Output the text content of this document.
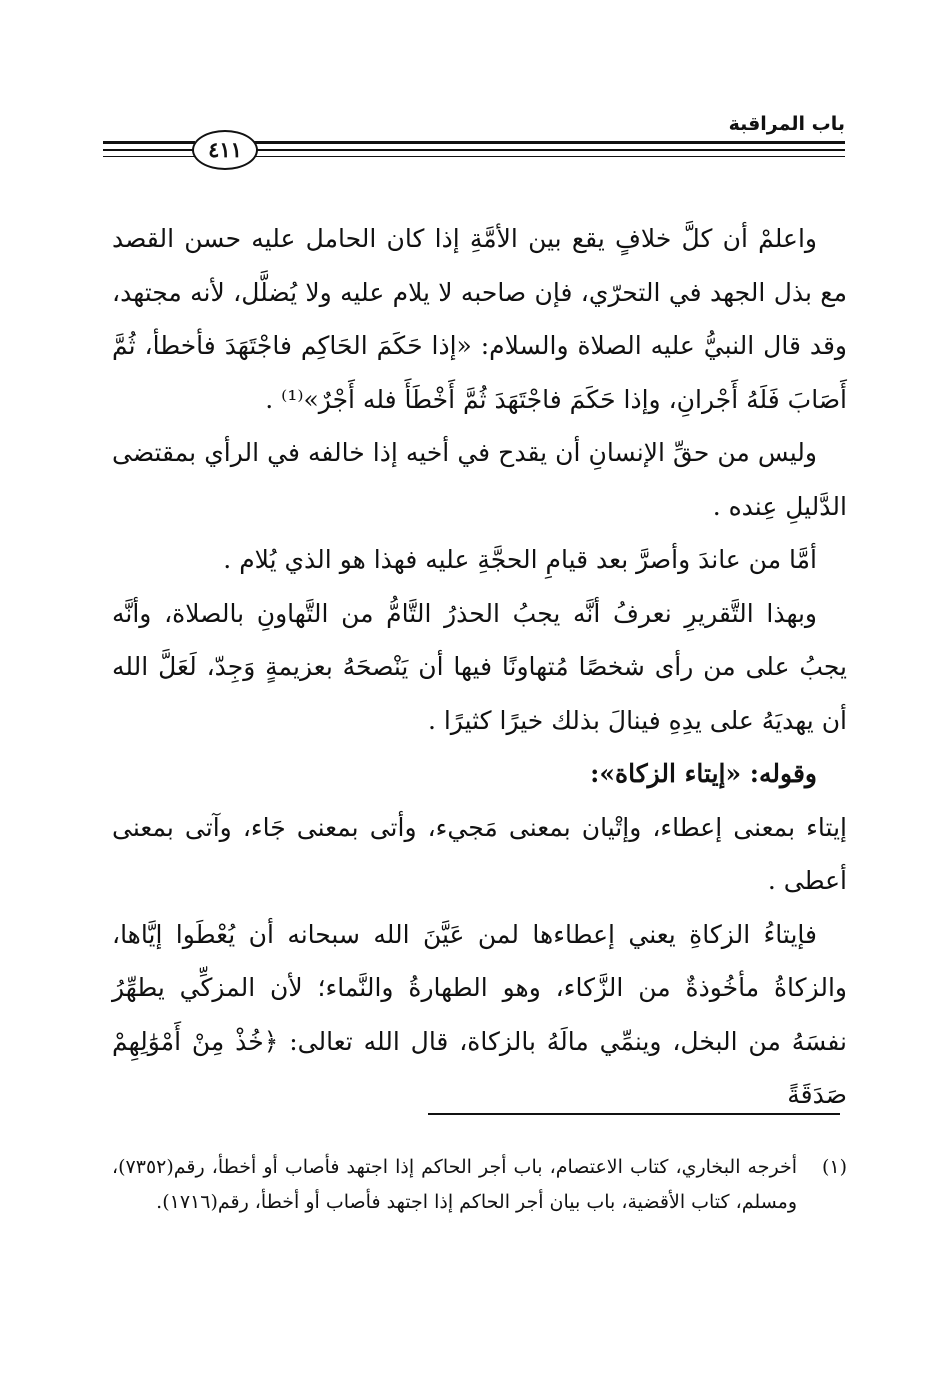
باب المراقبة
٤١١

واعلمْ أن كلَّ خلافٍ يقع بين الأمَّةِ إذا كان الحامل عليه حسن القصد مع بذل الجهد في التحرّي، فإن صاحبه لا يلام عليه ولا يُضلَّل، لأنه مجتهد، وقد قال النبيُّ عليه الصلاة والسلام: «إذا حَكَمَ الحَاكِم فاجْتَهَدَ فأخطأ، ثُمَّ أَصَابَ فَلَهُ أَجْرانِ، وإذا حَكَمَ فاجْتَهَدَ ثُمَّ أَخْطَأَ فله أَجْرٌ»⁽¹⁾ .

وليس من حقِّ الإنسانِ أن يقدح في أخيه إذا خالفه في الرأي بمقتضى الدَّليلِ عِنده .

أمَّا من عاندَ وأصرَّ بعد قيامِ الحجَّةِ عليه فهذا هو الذي يُلام .

وبهذا التَّقريرِ نعرفُ أنَّه يجبُ الحذرُ التَّامُّ من التَّهاونِ بالصلاة، وأنَّه يجبُ على من رأى شخصًا مُتهاونًا فيها أن يَنْصحَهُ بعزيمةٍ وَجِدّ، لَعَلَّ الله أن يهديَهُ على يدِهِ فينالَ بذلك خيرًا كثيرًا .

وقوله: «إيتاء الزكاة»:

إيتاء بمعنى إعطاء، وإتْيان بمعنى مَجيء، وأتى بمعنى جَاء، وآتى بمعنى أعطى .

فإيتاءُ الزكاةِ يعني إعطاءها لمن عَيَّنَ الله سبحانه أن يُعْطَوا إيَّاها، والزكاةُ مأخُوذةٌ من الزَّكاء، وهو الطهارةُ والنَّماء؛ لأن المزكِّي يطهِّرُ نفسَهُ من البخل، وينمِّي مالَهُ بالزكاة، قال الله تعالى: ﴿خُذْ مِنْ أَمْوَٰلِهِمْ صَدَقَةً

(١)
أخرجه البخاري، كتاب الاعتصام، باب أجر الحاكم إذا اجتهد فأصاب أو أخطأ، رقم(٧٣٥٢)، ومسلم، كتاب الأقضية، باب بيان أجر الحاكم إذا اجتهد فأصاب أو أخطأ، رقم(١٧١٦).
